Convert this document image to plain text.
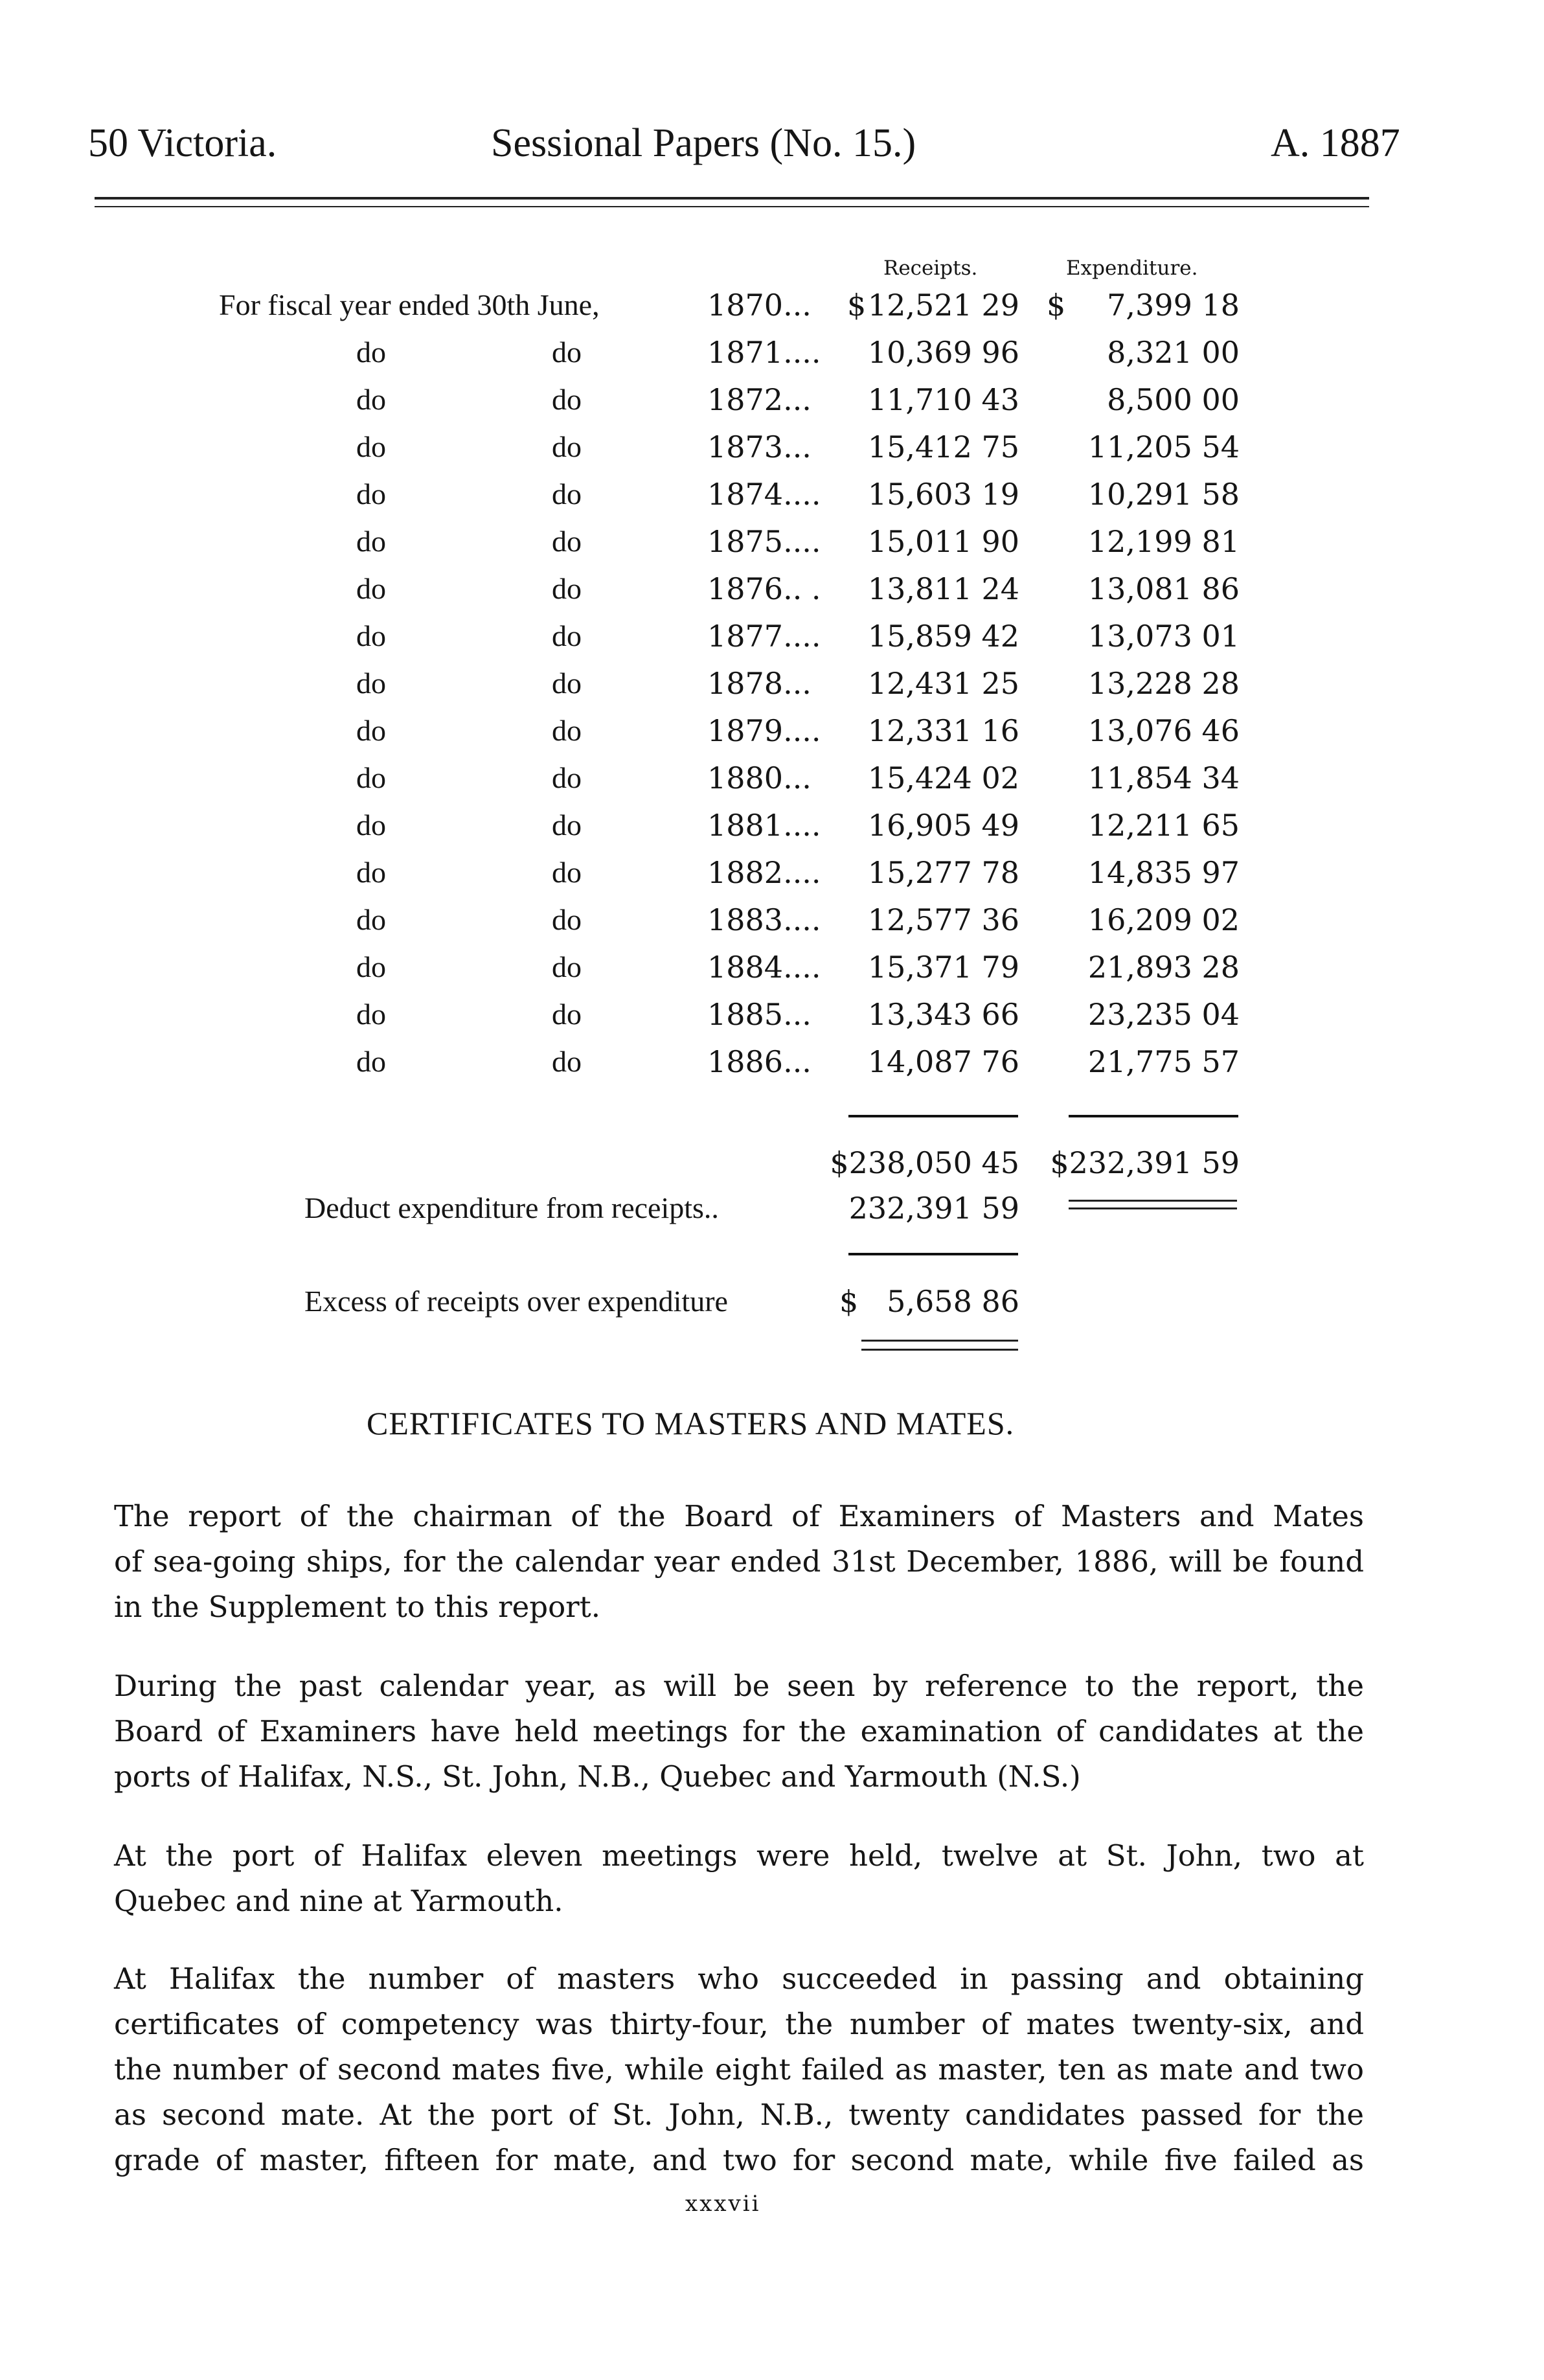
50 Victoria.	Sessional Papers (No. 15.)	A. 1887
Receipts.	Expenditure.
For fiscal year ended 30th June,	1870... $ 12,521 29 $ 7,399 18
do	do	1871.... 10,369 96	8,321 00
do	do	1872... 11,710 43	8,500 00
do	do	1873... 15,412 75 11,205 54
do	do	1874.... 15,603 19 10,291 58
do	do	1875.... 15,011 90 12,199 81
do	do	1876.. . 13,811 24 13,081 86
do	do	1877.... 15,859 42 13,073 01
do	do	1878... 12,431 25 13,228 28
do	do	1879.... 12,331 16 13,076 46
do	do	1880... 15,424 02 11,854 34
do	do	1881.... 16,905 49 12,211 65
do	do	1882.... 15,277 78 14,835 97
do	do	1883.... 12,577 36 16,209 02
do	do	1884.... 15,371 79 21,893 28
do	do	1885... 13,343 66 23,235 04
do	do	1886... 14,087 76 21,775 57
$238,050 45 $232,391 59
Deduct expenditure from receipts..	232,391 59
Excess of receipts over expenditure	$ 5,658 86
CERTIFICATES TO MASTERS AND MATES.
The report of the chairman of the Board of Examiners of Masters and Mates
of sea-going ships, for the calendar year ended 31st December, 1886, will be found
in the Supplement to this report.
During the past calendar year, as will be seen by reference to the report, the
Board of Examiners have held meetings for the examination of candidates at the
ports of Halifax, N.S., St. John, N.B., Quebec and Yarmouth (N.S.)
At the port of Halifax eleven meetings were held, twelve at St. John, two at
Quebec and nine at Yarmouth.
At Halifax the number of masters who succeeded in passing and obtaining
certificates of competency was thirty-four, the number of mates twenty-six, and
the number of second mates five, while eight failed as master, ten as mate and two
as second mate. At the port of St. John, N.B., twenty candidates passed for the
grade of master, fifteen for mate, and two for second mate, while five failed as
xxxvii
